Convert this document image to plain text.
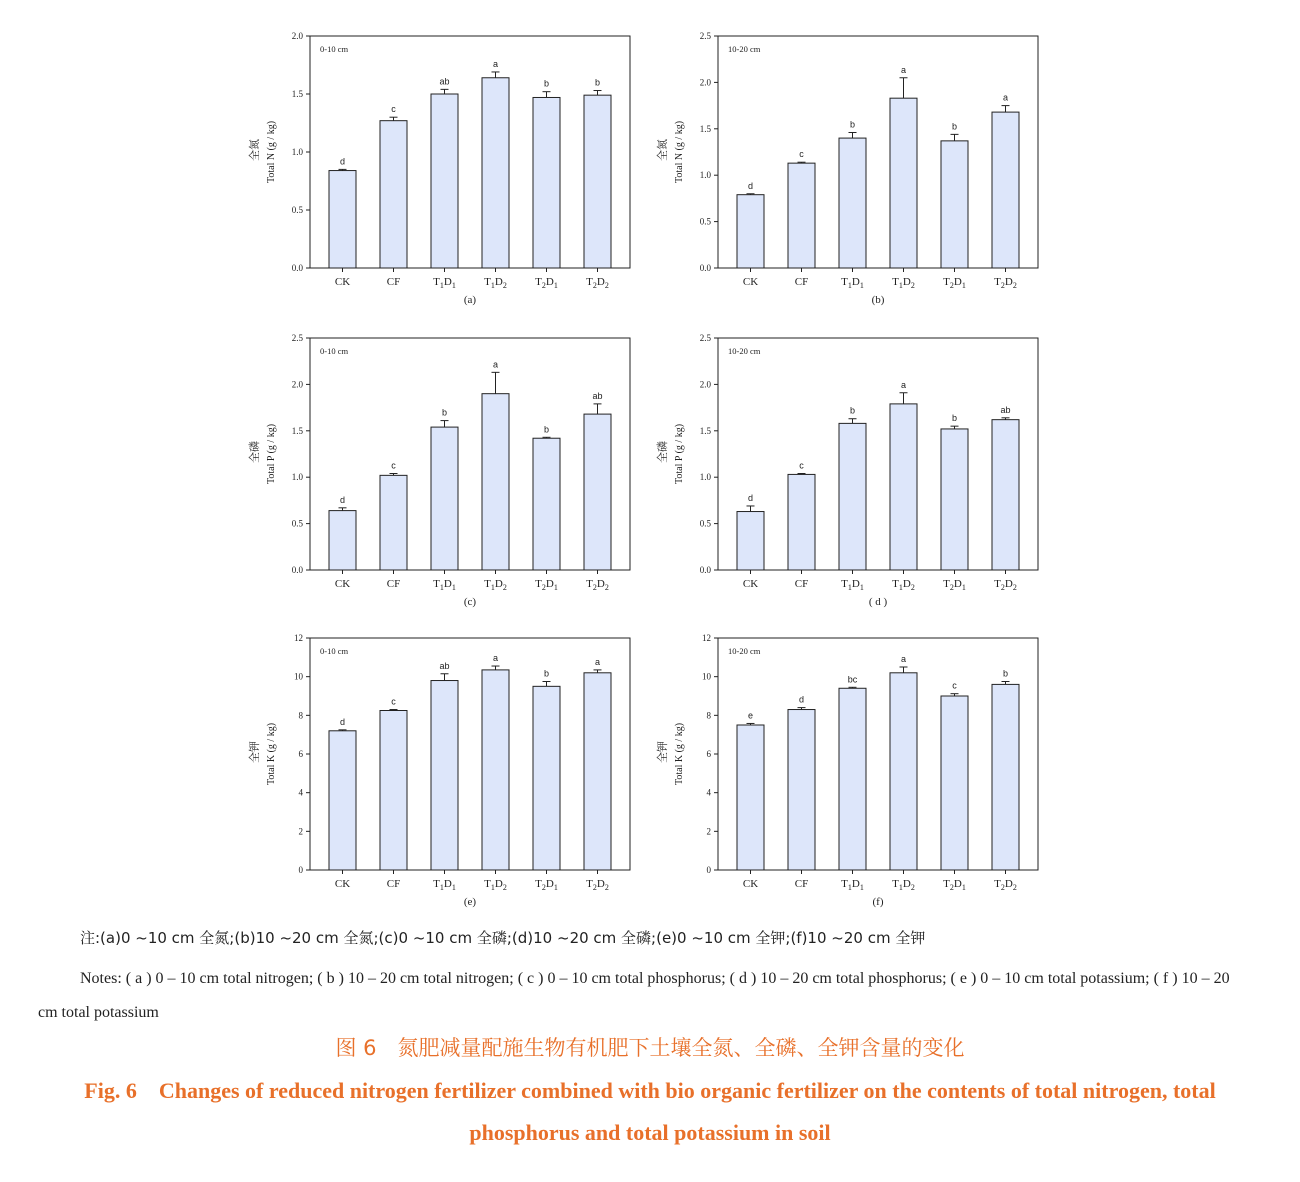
0.0
0.5
1.0
1.5
2.0
0-10 cm
Total N (g / kg)
全氮
d
CK
c
CF
ab
$T_1D_1$
a
$T_1D_2$
b
$T_2D_1$
b
$T_2D_2$
(a)
0.0
0.5
1.0
1.5
2.0
2.5
10-20 cm
Total N (g / kg)
全氮
d
CK
c
CF
b
$T_1D_1$
a
$T_1D_2$
b
$T_2D_1$
a
$T_2D_2$
(b)
0.0
0.5
1.0
1.5
2.0
2.5
0-10 cm
Total P (g / kg)
全磷
d
CK
c
CF
b
$T_1D_1$
a
$T_1D_2$
b
$T_2D_1$
ab
$T_2D_2$
(c)
0.0
0.5
1.0
1.5
2.0
2.5
10-20 cm
Total P (g / kg)
全磷
d
CK
c
CF
b
$T_1D_1$
a
$T_1D_2$
b
$T_2D_1$
ab
$T_2D_2$
( d )
0
2
4
6
8
10
12
0-10 cm
Total K (g / kg)
全钾
d
CK
c
CF
ab
$T_1D_1$
a
$T_1D_2$
b
$T_2D_1$
a
$T_2D_2$
(e)
0
2
4
6
8
10
12
10-20 cm
Total K (g / kg)
全钾
e
CK
d
CF
bc
$T_1D_1$
a
$T_1D_2$
c
$T_2D_1$
b
$T_2D_2$
(f)
注:(a)0 ~10 cm 全氮;(b)10 ~20 cm 全氮;(c)0 ~10 cm 全磷;(d)10 ~20 cm 全磷;(e)0 ~10 cm 全钾;(f)10 ~20 cm 全钾
Notes: ( a ) 0 – 10 cm total nitrogen; ( b ) 10 – 20 cm total nitrogen; ( c ) 0 – 10 cm total phosphorus; ( d ) 10 – 20 cm total phosphorus; ( e ) 0 – 10 cm total potassium; ( f ) 10 – 20 cm total potassium
图 6　氮肥减量配施生物有机肥下土壤全氮、全磷、全钾含量的变化
Fig. 6　Changes of reduced nitrogen fertilizer combined with bio organic fertilizer on the contents of total nitrogen, total phosphorus and total potassium in soil
